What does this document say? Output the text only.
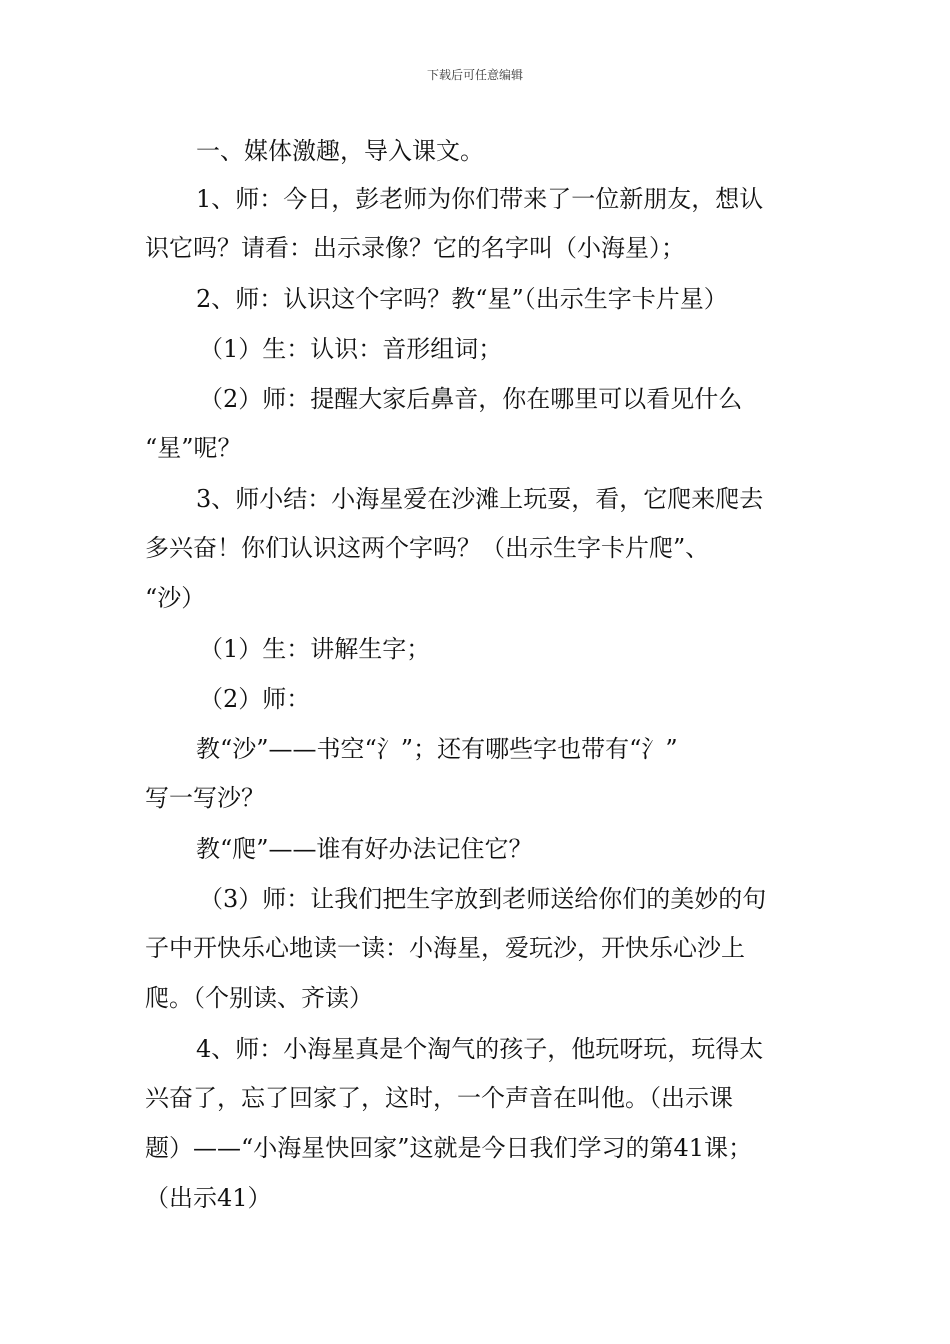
下载后可任意编辑
一、媒体激趣，导入课文。
1、师：今日，彭老师为你们带来了一位新朋友，想认
识它吗？请看：出示录像？它的名字叫（小海星）；
2、师：认识这个字吗？教“星”（出示生字卡片星）
（1）生：认识：音形组词；
（2）师：提醒大家后鼻音，你在哪里可以看见什么
“星”呢？
3、师小结：小海星爱在沙滩上玩耍，看，它爬来爬去
多兴奋！你们认识这两个字吗？（出示生字卡片爬”、
“沙）
（1）生：讲解生字；
（2）师：
教“沙”——书空“氵”；还有哪些字也带有“氵”
写一写沙？
教“爬”——谁有好办法记住它？
（3）师：让我们把生字放到老师送给你们的美妙的句
子中开快乐心地读一读：小海星，爱玩沙，开快乐心沙上
爬。（个别读、齐读）
4、师：小海星真是个淘气的孩子，他玩呀玩，玩得太
兴奋了，忘了回家了，这时，一个声音在叫他。（出示课
题）——“小海星快回家”这就是今日我们学习的第41课；
（出示41）
